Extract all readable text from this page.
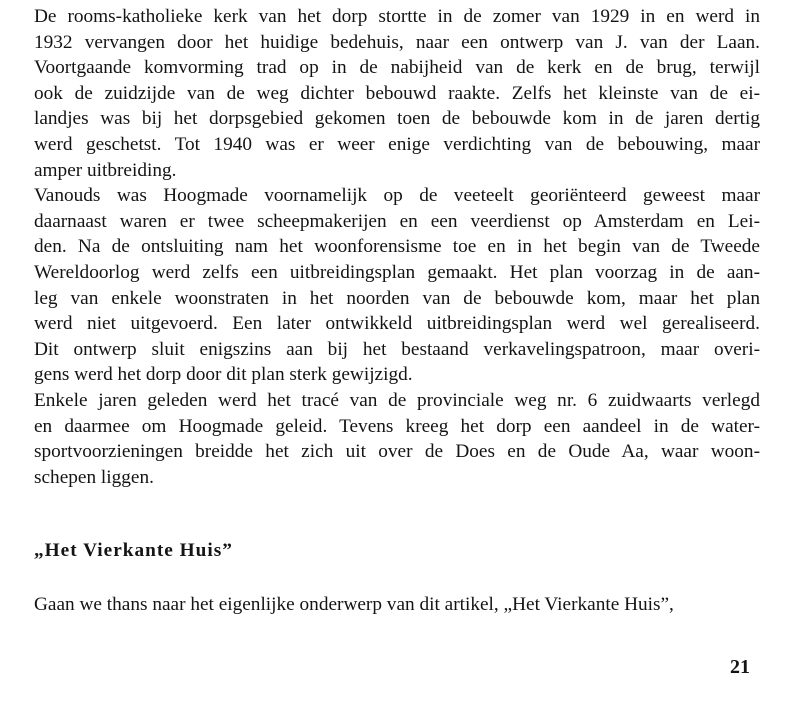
De rooms-katholieke kerk van het dorp stortte in de zomer van 1929 in en werd in
1932 vervangen door het huidige bedehuis, naar een ontwerp van J. van der Laan.
Voortgaande komvorming trad op in de nabijheid van de kerk en de brug, terwijl
ook de zuidzijde van de weg dichter bebouwd raakte. Zelfs het kleinste van de ei-
landjes was bij het dorpsgebied gekomen toen de bebouwde kom in de jaren dertig
werd geschetst. Tot 1940 was er weer enige verdichting van de bebouwing, maar
amper uitbreiding.
Vanouds was Hoogmade voornamelijk op de veeteelt georiënteerd geweest maar
daarnaast waren er twee scheepmakerijen en een veerdienst op Amsterdam en Lei-
den. Na de ontsluiting nam het woonforensisme toe en in het begin van de Tweede
Wereldoorlog werd zelfs een uitbreidingsplan gemaakt. Het plan voorzag in de aan-
leg van enkele woonstraten in het noorden van de bebouwde kom, maar het plan
werd niet uitgevoerd. Een later ontwikkeld uitbreidingsplan werd wel gerealiseerd.
Dit ontwerp sluit enigszins aan bij het bestaand verkavelingspatroon, maar overi-
gens werd het dorp door dit plan sterk gewijzigd.
Enkele jaren geleden werd het tracé van de provinciale weg nr. 6 zuidwaarts verlegd
en daarmee om Hoogmade geleid. Tevens kreeg het dorp een aandeel in de water-
sportvoorzieningen breidde het zich uit over de Does en de Oude Aa, waar woon-
schepen liggen.
„Het Vierkante Huis”
Gaan we thans naar het eigenlijke onderwerp van dit artikel, „Het Vierkante Huis”,
21
